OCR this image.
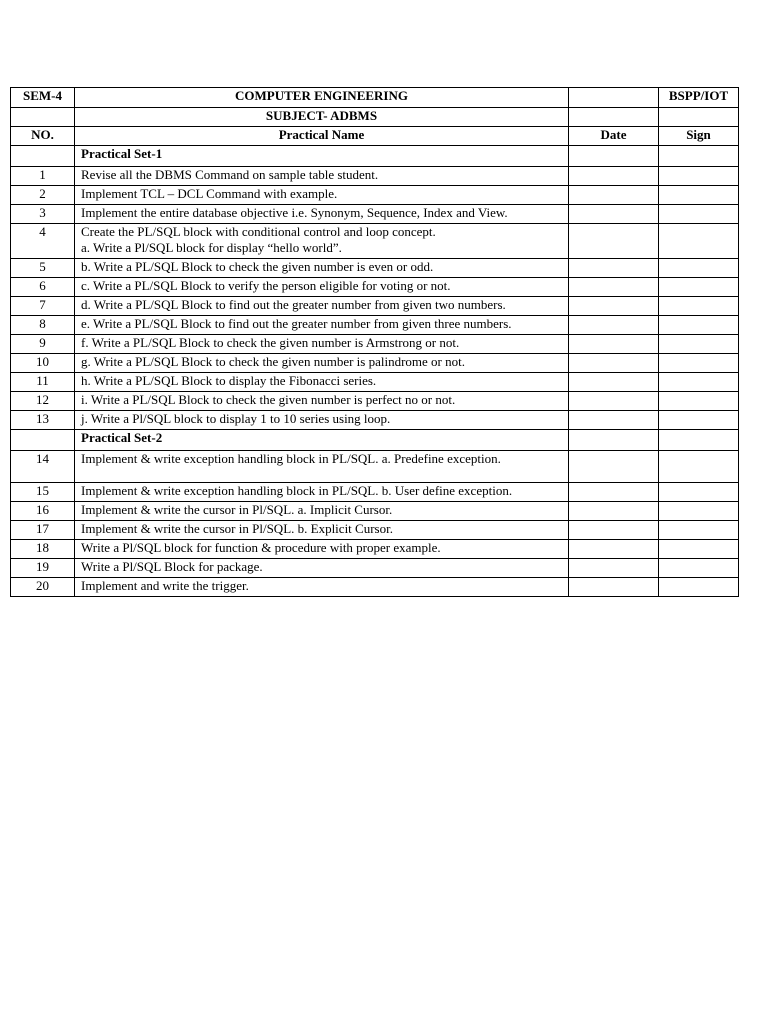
SEM-4	COMPUTER ENGINEERING		BSPP/IOT
	SUBJECT- ADBMS		
NO.	Practical Name	Date	Sign
	Practical Set-1		
1	Revise all the DBMS Command on sample table student.		

2	Implement TCL – DCL Command with example.		

3	Implement the entire database objective i.e. Synonym, Sequence, Index and View.		

4	Create the PL/SQL block with conditional control and loop concept.
a. Write a Pl/SQL block for display “hello world”.		

5	b. Write a PL/SQL Block to check the given number is even or odd.		

6	c. Write a PL/SQL Block to verify the person eligible for voting or not.		

7	d. Write a PL/SQL Block to find out the greater number from given two numbers.		

8	e. Write a PL/SQL Block to find out the greater number from given three numbers.		

9	f. Write a PL/SQL Block to check the given number is Armstrong or not.		

10	g. Write a PL/SQL Block to check the given number is palindrome or not.		

11	h. Write a PL/SQL Block to display the Fibonacci series.		

12	i. Write a PL/SQL Block to check the given number is perfect no or not.		

13	j. Write a Pl/SQL block to display 1 to 10 series using loop.		

	Practical Set-2		
14	Implement & write exception handling block in PL/SQL. a. Predefine exception.		

15	Implement & write exception handling block in PL/SQL. b. User define exception.		

16	Implement & write the cursor in Pl/SQL. a. Implicit Cursor.		

17	Implement & write the cursor in Pl/SQL. b. Explicit Cursor.		

18	Write a Pl/SQL block for function & procedure with proper example.		

19	Write a Pl/SQL Block for package.		

20	Implement and write the trigger.		
